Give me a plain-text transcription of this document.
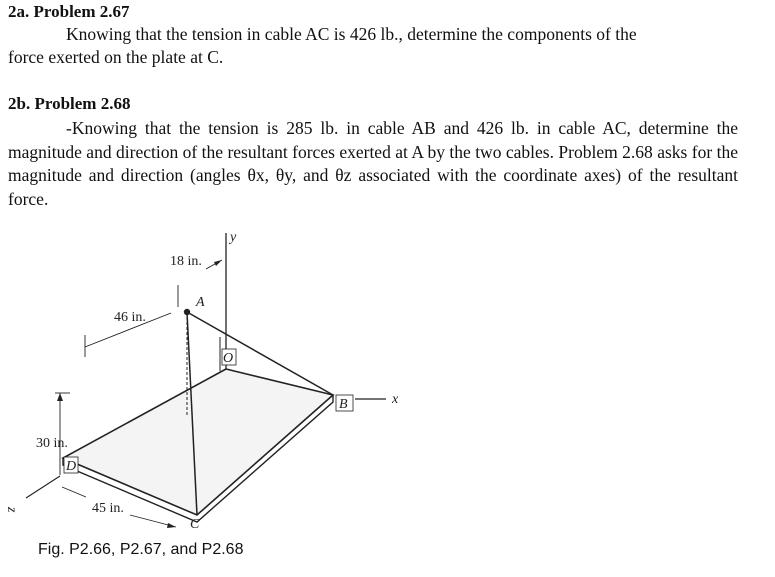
2a. Problem 2.67
Knowing that the tension in cable AC is 426 lb., determine the components of the
force exerted on the plate at C.
2b. Problem 2.68
-Knowing that the tension is 285 lb. in cable AB and 426 lb. in cable AC, determine the magnitude and direction of the resultant forces exerted at A by the two cables. Problem 2.68 asks for the magnitude and direction (angles θx, θy, and θz associated with the coordinate axes) of the resultant force.
18 in.
46 in.
30 in.
45 in.
y
x
z
A
B
C
D
O
Fig. P2.66, P2.67, and P2.68
